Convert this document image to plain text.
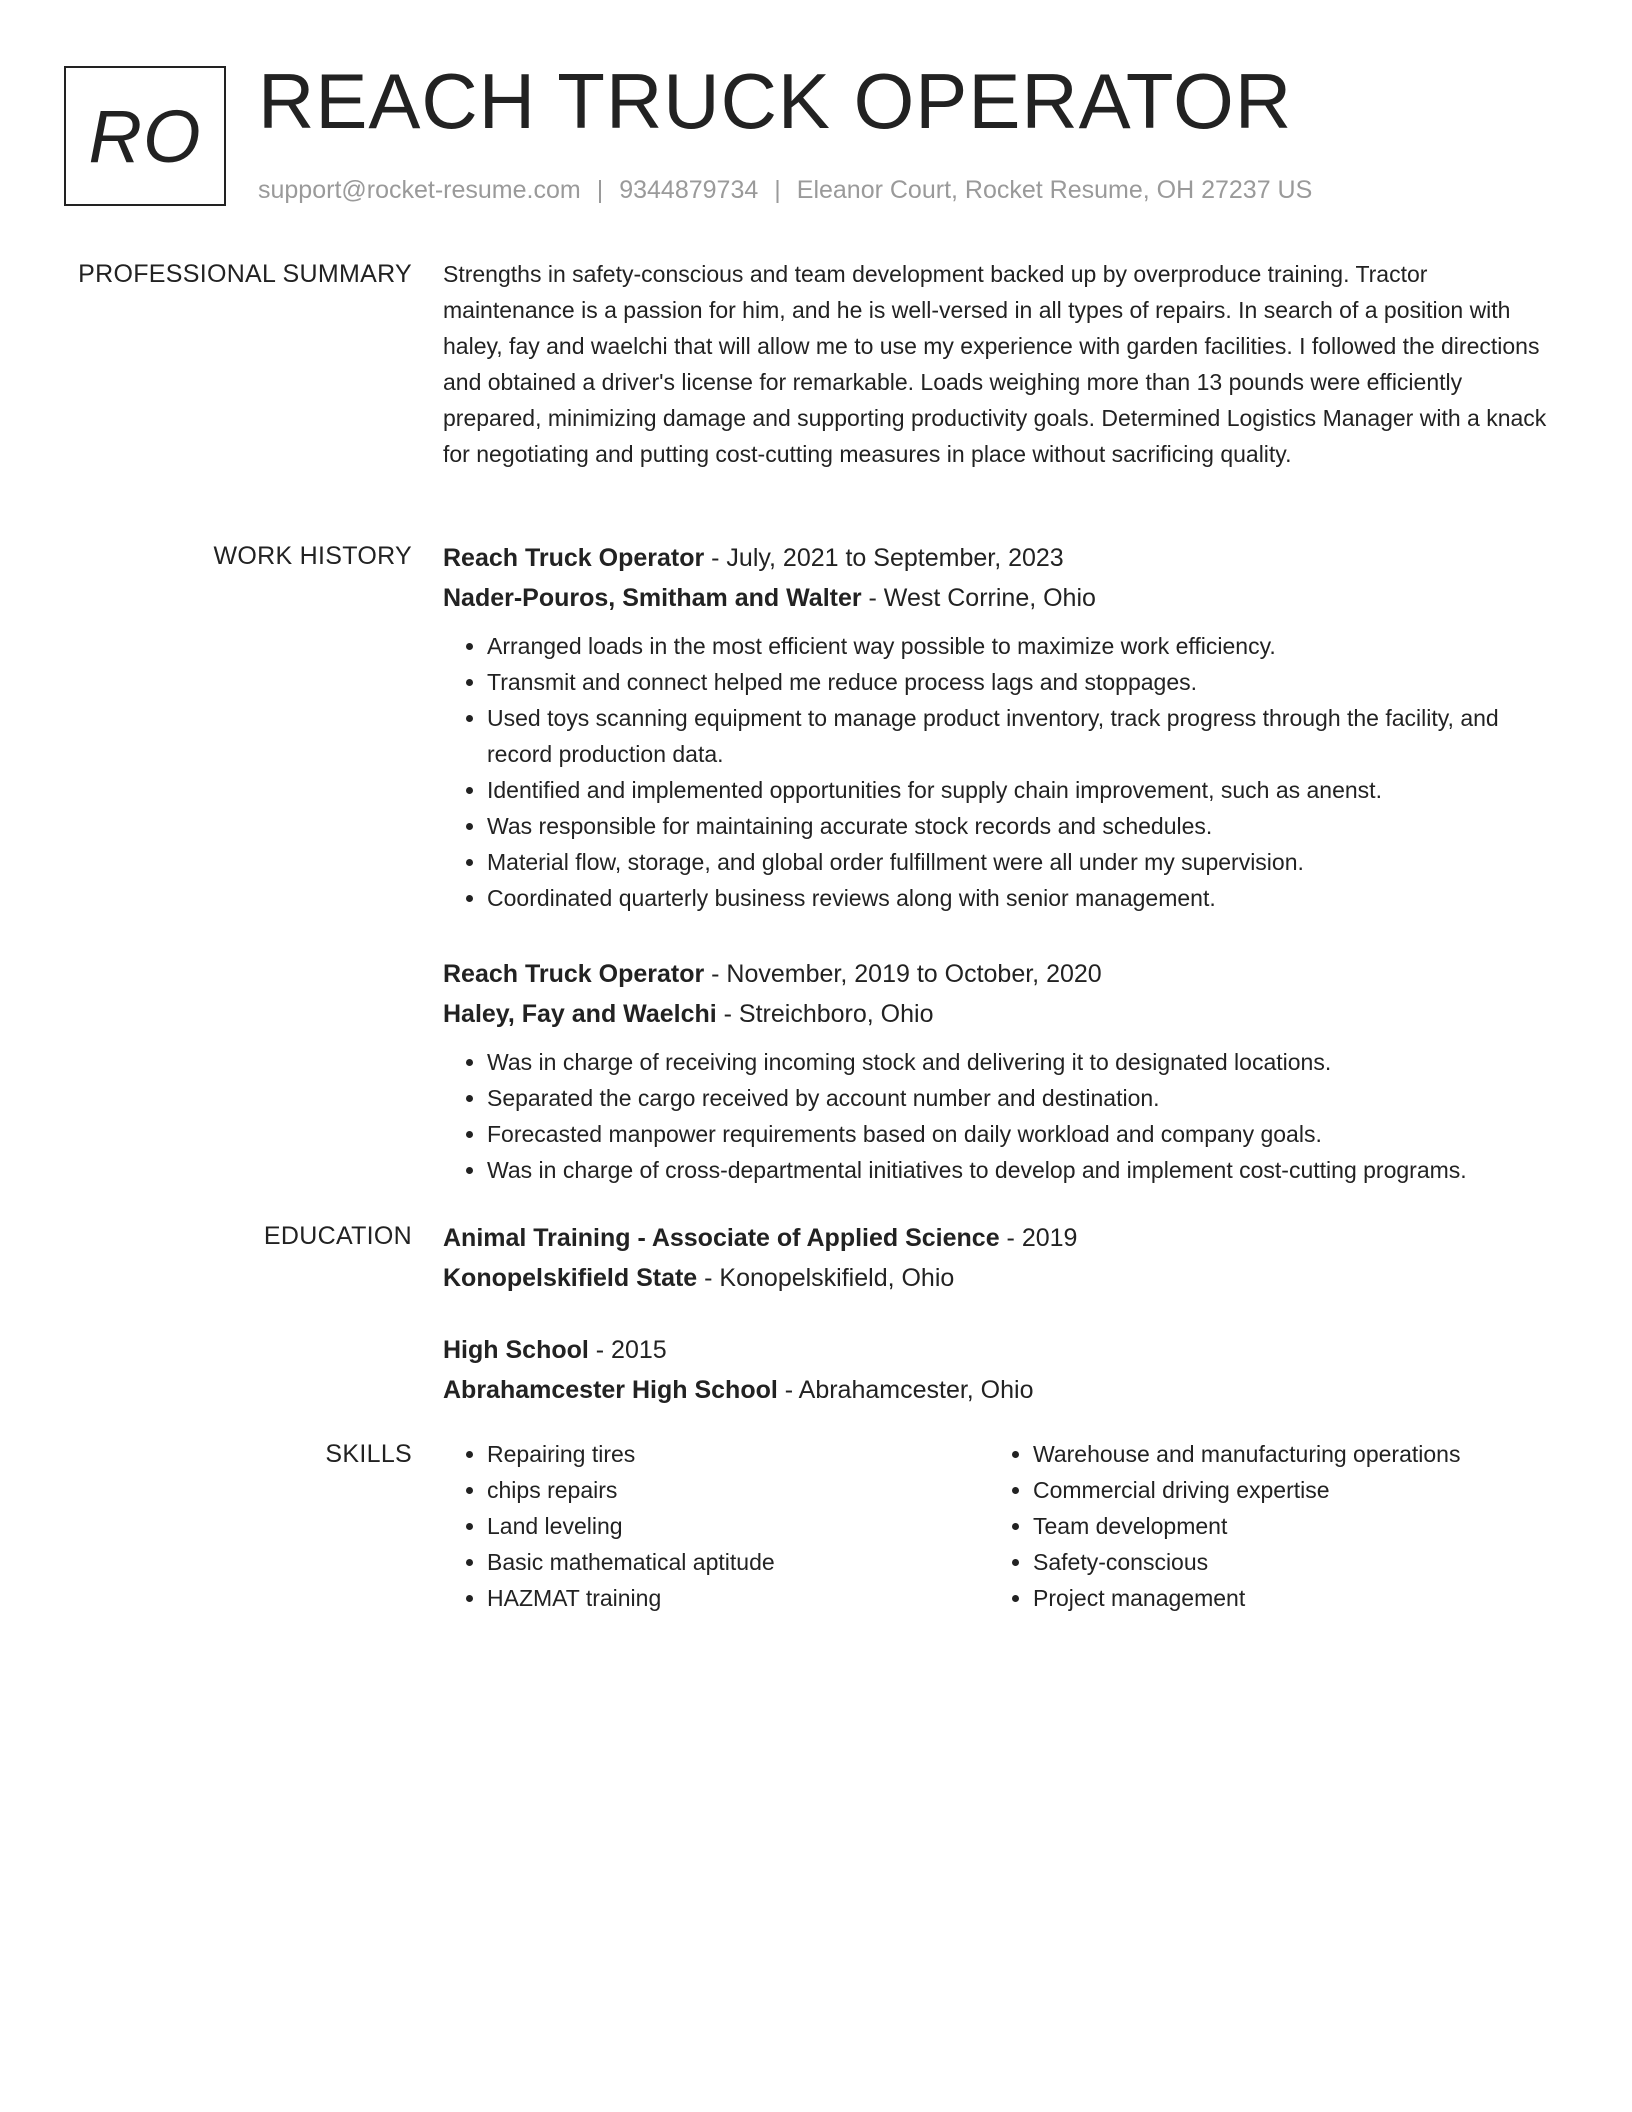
RO REACH TRUCK OPERATOR
support@rocket-resume.com | 9344879734 | Eleanor Court, Rocket Resume, OH 27237 US
PROFESSIONAL SUMMARY Strengths in safety-conscious and team development backed up by overproduce training. Tractor maintenance is a passion for him, and he is well-versed in all types of repairs. In search of a position with haley, fay and waelchi that will allow me to use my experience with garden facilities. I followed the directions and obtained a driver's license for remarkable. Loads weighing more than 13 pounds were efficiently prepared, minimizing damage and supporting productivity goals. Determined Logistics Manager with a knack for negotiating and putting cost-cutting measures in place without sacrificing quality.

WORK HISTORY Reach Truck Operator - July, 2021 to September, 2023
Nader-Pouros, Smitham and Walter - West Corrine, Ohio
• Arranged loads in the most efficient way possible to maximize work efficiency.
• Transmit and connect helped me reduce process lags and stoppages.
• Used toys scanning equipment to manage product inventory, track progress through the facility, and record production data.
• Identified and implemented opportunities for supply chain improvement, such as anenst.
• Was responsible for maintaining accurate stock records and schedules.
• Material flow, storage, and global order fulfillment were all under my supervision.
• Coordinated quarterly business reviews along with senior management.
Reach Truck Operator - November, 2019 to October, 2020
Haley, Fay and Waelchi - Streichboro, Ohio
• Was in charge of receiving incoming stock and delivering it to designated locations.
• Separated the cargo received by account number and destination.
• Forecasted manpower requirements based on daily workload and company goals.
• Was in charge of cross-departmental initiatives to develop and implement cost-cutting programs.
EDUCATION Animal Training - Associate of Applied Science - 2019
Konopelskifield State - Konopelskifield, Ohio
High School - 2015
Abrahamcester High School - Abrahamcester, Ohio
SKILLS
•	Repairing tires
• chips repairs
• Land leveling
• Basic mathematical aptitude
• HAZMAT training
• Warehouse and manufacturing operations
• Commercial driving expertise
• Team development
• Safety-conscious
• Project management
